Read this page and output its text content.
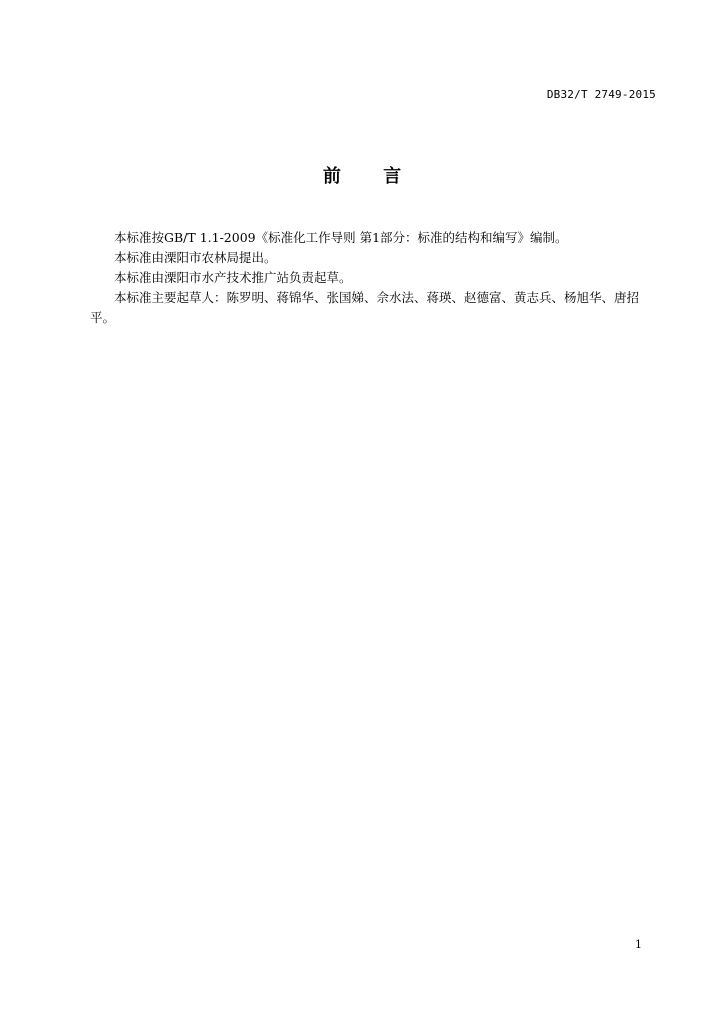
DB32/T 2749-2015
前 言

本标准按GB/T 1.1-2009《标准化工作导则 第1部分：标准的结构和编写》编制。

本标准由溧阳市农林局提出。

本标准由溧阳市水产技术推广站负责起草。

本标准主要起草人：陈罗明、蒋锦华、张国娣、佘水法、蒋瑛、赵德富、黄志兵、杨旭华、唐招平。

1
